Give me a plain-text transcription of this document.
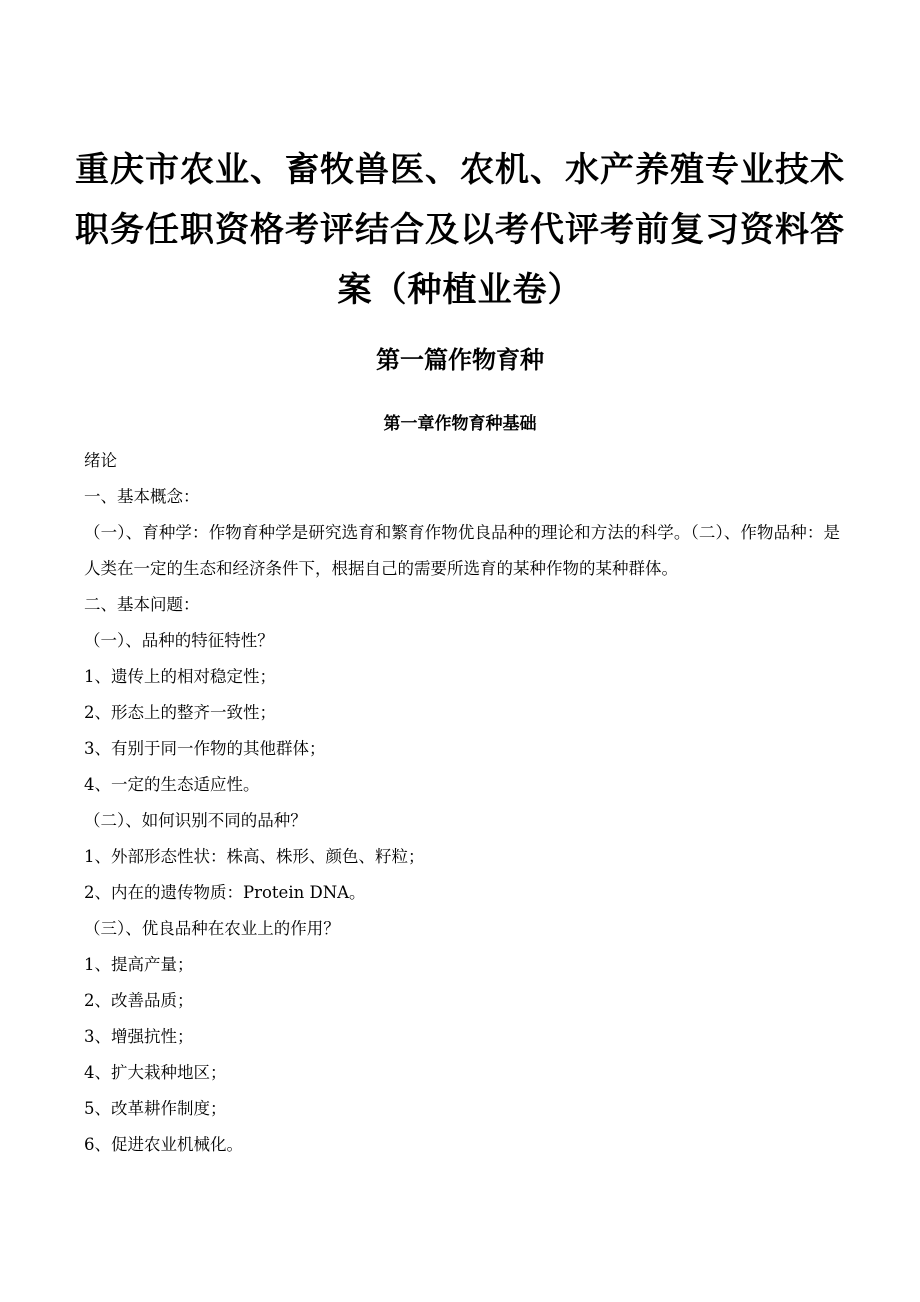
重庆市农业、畜牧兽医、农机、水产养殖专业技术职务任职资格考评结合及以考代评考前复习资料答案（种植业卷）
第一篇作物育种
第一章作物育种基础

绪论

一、基本概念：

（一）、育种学：作物育种学是研究选育和繁育作物优良品种的理论和方法的科学。（二）、作物品种：是人类在一定的生态和经济条件下，根据自己的需要所选育的某种作物的某种群体。

二、基本问题：

（一）、品种的特征特性？

1、遗传上的相对稳定性；

2、形态上的整齐一致性；

3、有别于同一作物的其他群体；

4、一定的生态适应性。

（二）、如何识别不同的品种？

1、外部形态性状：株高、株形、颜色、籽粒；

2、内在的遗传物质：Protein DNA。

（三）、优良品种在农业上的作用？

1、提高产量；

2、改善品质；

3、增强抗性；

4、扩大栽种地区；

5、改革耕作制度；

6、促进农业机械化。
